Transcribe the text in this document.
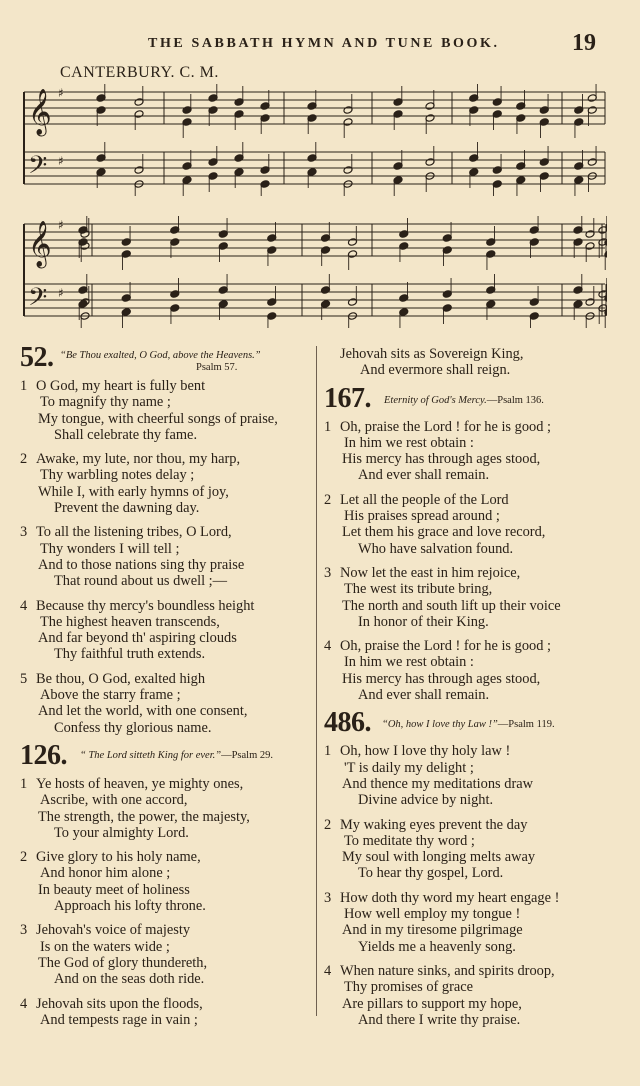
THE SABBATH HYMN AND TUNE BOOK.	19
CANTERBURY. C. M.
𝄞 ♯
𝄢 ♯
𝄞 ♯
𝄢 ♯
52. “Be Thou exalted, O God, above the Heavens.”
Psalm 57.
1 O God, my heart is fully bent
To magnify thy name ;
My tongue, with cheerful songs of praise,
Shall celebrate thy fame.
2 Awake, my lute, nor thou, my harp,
Thy warbling notes delay ;
While I, with early hymns of joy,
Prevent the dawning day.
3 To all the listening tribes, O Lord,
Thy wonders I will tell ;
And to those nations sing thy praise
That round about us dwell ;—
4 Because thy mercy's boundless height
The highest heaven transcends,
And far beyond th' aspiring clouds
Thy faithful truth extends.
5 Be thou, O God, exalted high
Above the starry frame ;
And let the world, with one consent,
Confess thy glorious name.
126. “ The Lord sitteth King for ever.”—Psalm 29.
1 Ye hosts of heaven, ye mighty ones,
Ascribe, with one accord,
The strength, the power, the majesty,
To your almighty Lord.
2 Give glory to his holy name,
And honor him alone ;
In beauty meet of holiness
Approach his lofty throne.
3 Jehovah's voice of majesty
Is on the waters wide ;
The God of glory thundereth,
And on the seas doth ride.
4 Jehovah sits upon the floods,
And tempests rage in vain ;
Jehovah sits as Sovereign King,
And evermore shall reign.
167. Eternity of God's Mercy.—Psalm 136.
1 Oh, praise the Lord ! for he is good ;
In him we rest obtain :
His mercy has through ages stood,
And ever shall remain.
2 Let all the people of the Lord
His praises spread around ;
Let them his grace and love record,
Who have salvation found.
3 Now let the east in him rejoice,
The west its tribute bring,
The north and south lift up their voice
In honor of their King.
4 Oh, praise the Lord ! for he is good ;
In him we rest obtain :
His mercy has through ages stood,
And ever shall remain.
486. “Oh, how I love thy Law !”—Psalm 119.
1 Oh, how I love thy holy law !
'T is daily my delight ;
And thence my meditations draw
Divine advice by night.
2 My waking eyes prevent the day
To meditate thy word ;
My soul with longing melts away
To hear thy gospel, Lord.
3 How doth thy word my heart engage !
How well employ my tongue !
And in my tiresome pilgrimage
Yields me a heavenly song.
4 When nature sinks, and spirits droop,
Thy promises of grace
Are pillars to support my hope,
And there I write thy praise.
